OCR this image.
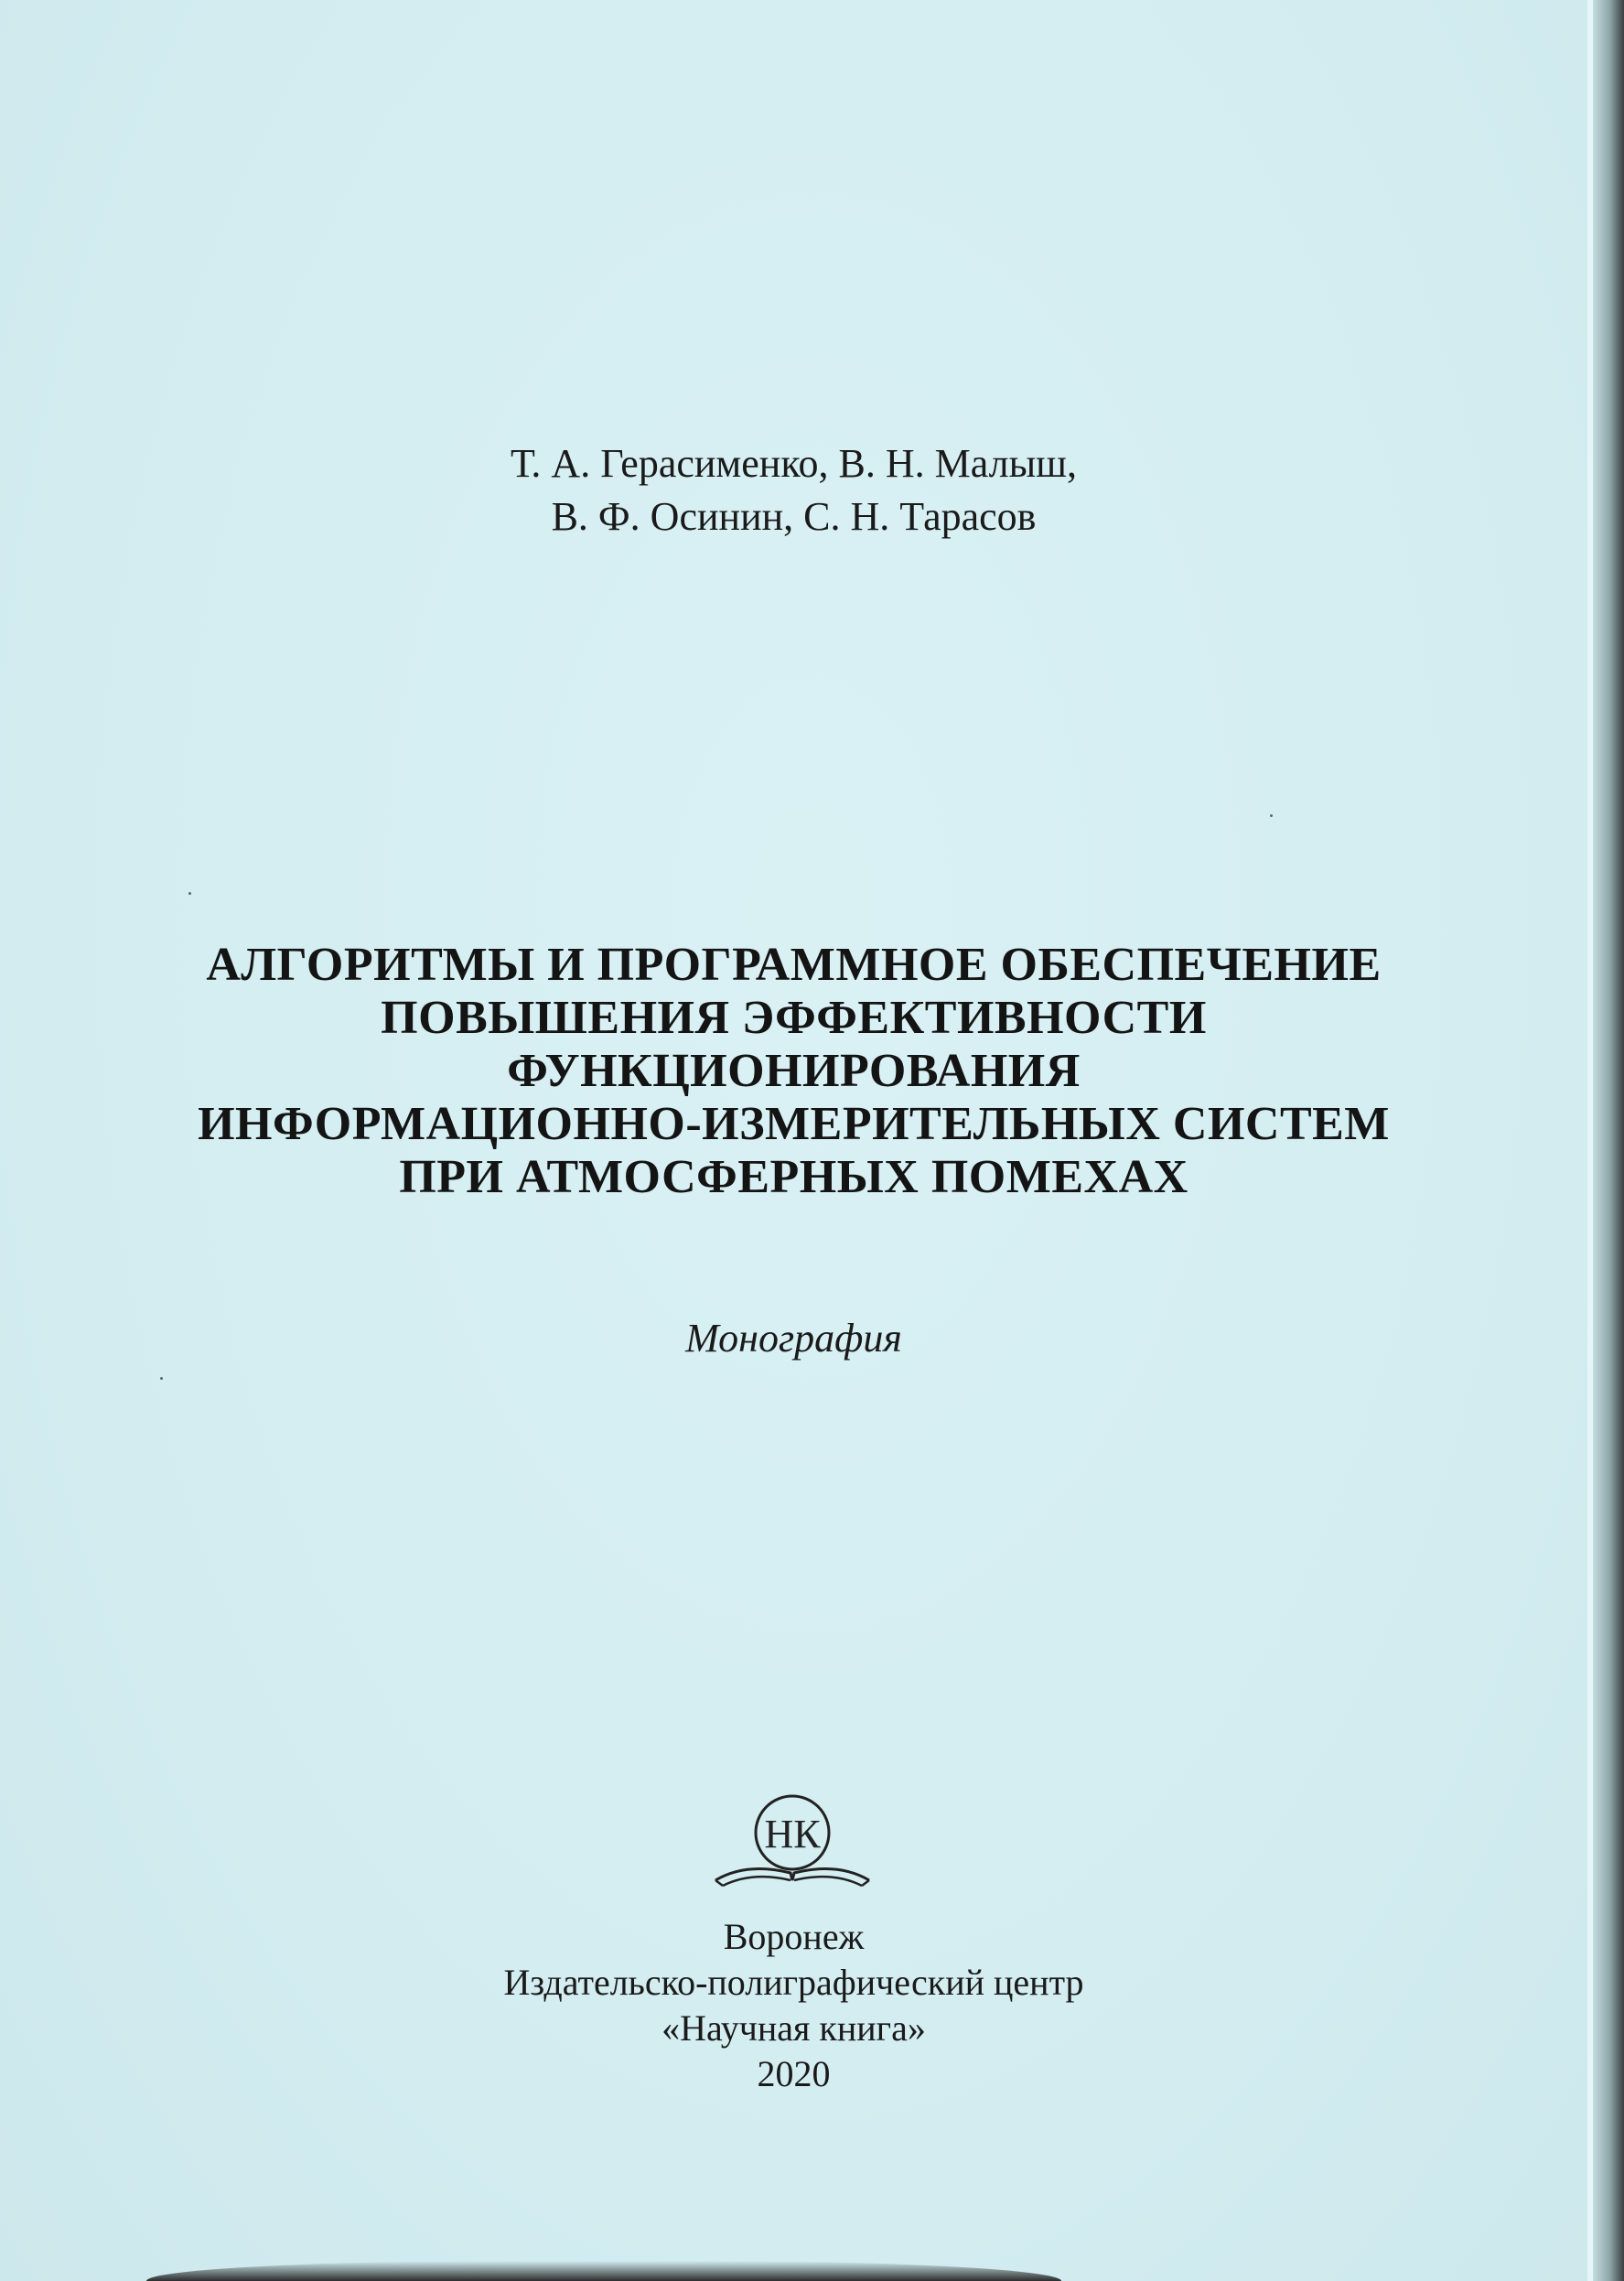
Т. А. Герасименко, В. Н. Малыш,
В. Ф. Осинин, С. Н. Тарасов
АЛГОРИТМЫ И ПРОГРАММНОЕ ОБЕСПЕЧЕНИЕ
ПОВЫШЕНИЯ ЭФФЕКТИВНОСТИ
ФУНКЦИОНИРОВАНИЯ
ИНФОРМАЦИОННО-ИЗМЕРИТЕЛЬНЫХ СИСТЕМ
ПРИ АТМОСФЕРНЫХ ПОМЕХАХ
Монография
НК
Воронеж
Издательско-полиграфический центр
«Научная книга»
2020
